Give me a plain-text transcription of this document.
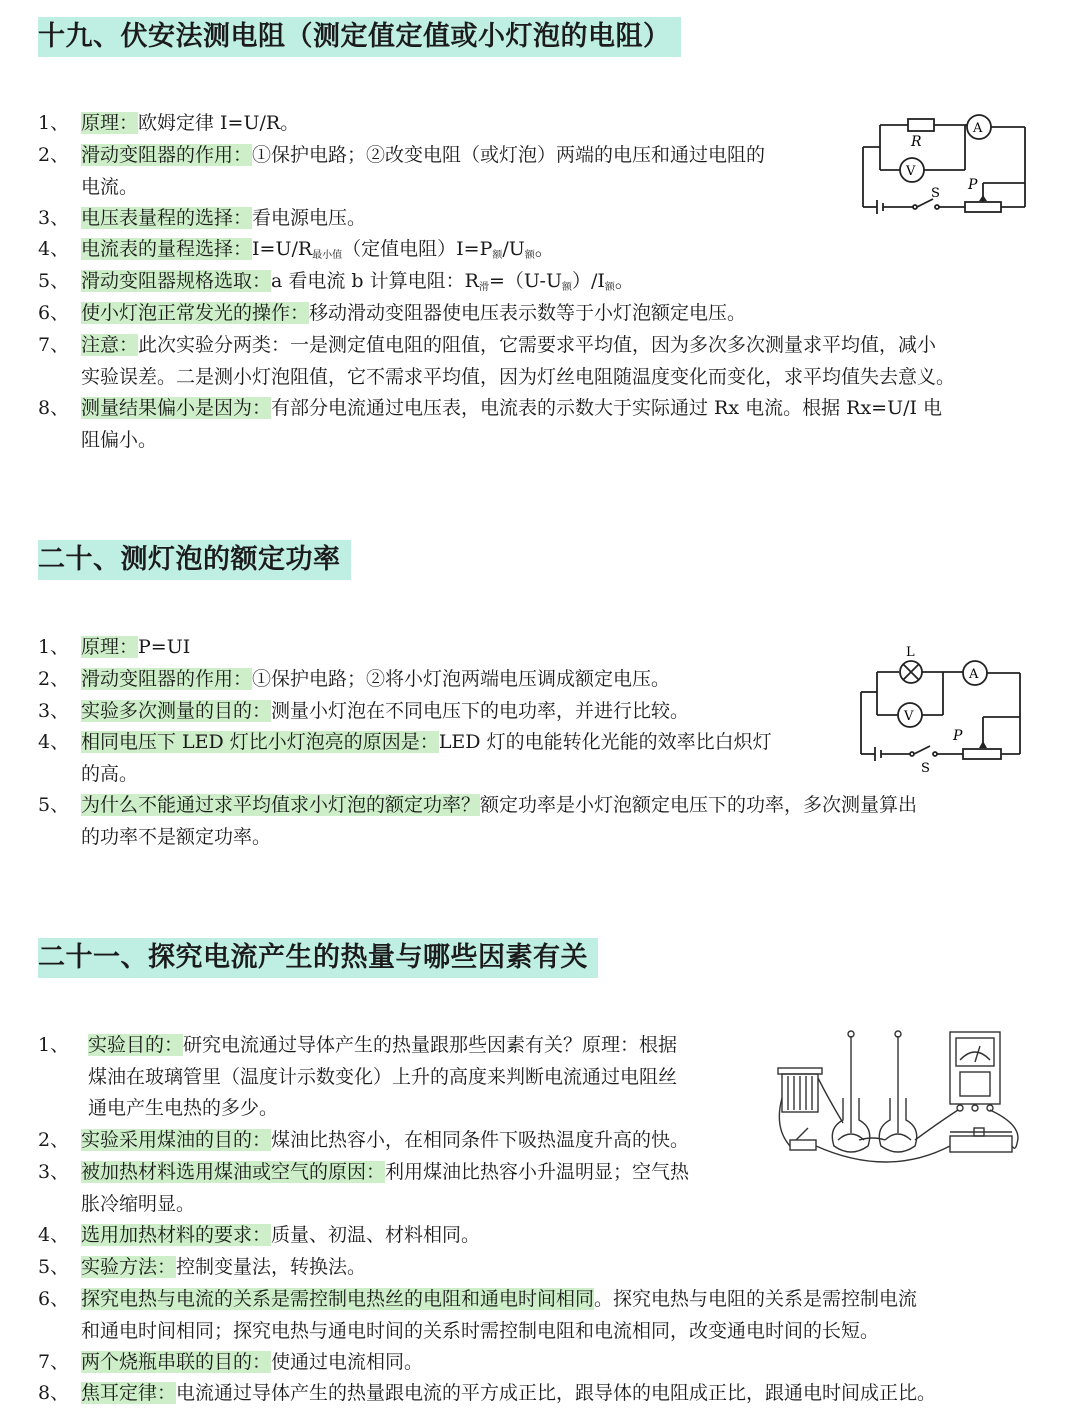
十九、伏安法测电阻（测定值定值或小灯泡的电阻）
1、 原理：欧姆定律 I=U/R。
2、 滑动变阻器的作用：①保护电路；②改变电阻（或灯泡）两端的电压和通过电阻的
电流。
3、 电压表量程的选择：看电源电压。
4、 电流表的量程选择：I=U/R最小值（定值电阻）I=P额/U额。
5、 滑动变阻器规格选取：a 看电流 b 计算电阻：R滑=（U-U额）/I额。
6、 使小灯泡正常发光的操作：移动滑动变阻器使电压表示数等于小灯泡额定电压。
7、 注意：此次实验分两类：一是测定值电阻的阻值，它需要求平均值，因为多次多次测量求平均值，减小
实验误差。二是测小灯泡阻值，它不需求平均值，因为灯丝电阻随温度变化而变化，求平均值失去意义。
8、 测量结果偏小是因为：有部分电流通过电压表，电流表的示数大于实际通过 Rx 电流。根据 Rx=U/I 电
阻偏小。
R
A
V
S
P
二十、测灯泡的额定功率
1、 原理：P=UI
2、 滑动变阻器的作用：①保护电路；②将小灯泡两端电压调成额定电压。
3、 实验多次测量的目的：测量小灯泡在不同电压下的电功率，并进行比较。
4、 相同电压下 LED 灯比小灯泡亮的原因是：LED 灯的电能转化光能的效率比白炽灯
的高。
5、 为什么不能通过求平均值求小灯泡的额定功率？额定功率是小灯泡额定电压下的功率，多次测量算出
的功率不是额定功率。
L
A
V
S
P
二十一、探究电流产生的热量与哪些因素有关
1、 实验目的：研究电流通过导体产生的热量跟那些因素有关？原理：根据
煤油在玻璃管里（温度计示数变化）上升的高度来判断电流通过电阻丝
通电产生电热的多少。
2、 实验采用煤油的目的：煤油比热容小，在相同条件下吸热温度升高的快。
3、 被加热材料选用煤油或空气的原因：利用煤油比热容小升温明显；空气热
胀冷缩明显。
4、 选用加热材料的要求：质量、初温、材料相同。
5、 实验方法：控制变量法，转换法。
6、 探究电热与电流的关系是需控制电热丝的电阻和通电时间相同。探究电热与电阻的关系是需控制电流
和通电时间相同；探究电热与通电时间的关系时需控制电阻和电流相同，改变通电时间的长短。
7、 两个烧瓶串联的目的：使通过电流相同。
8、 焦耳定律：电流通过导体产生的热量跟电流的平方成正比，跟导体的电阻成正比，跟通电时间成正比。
